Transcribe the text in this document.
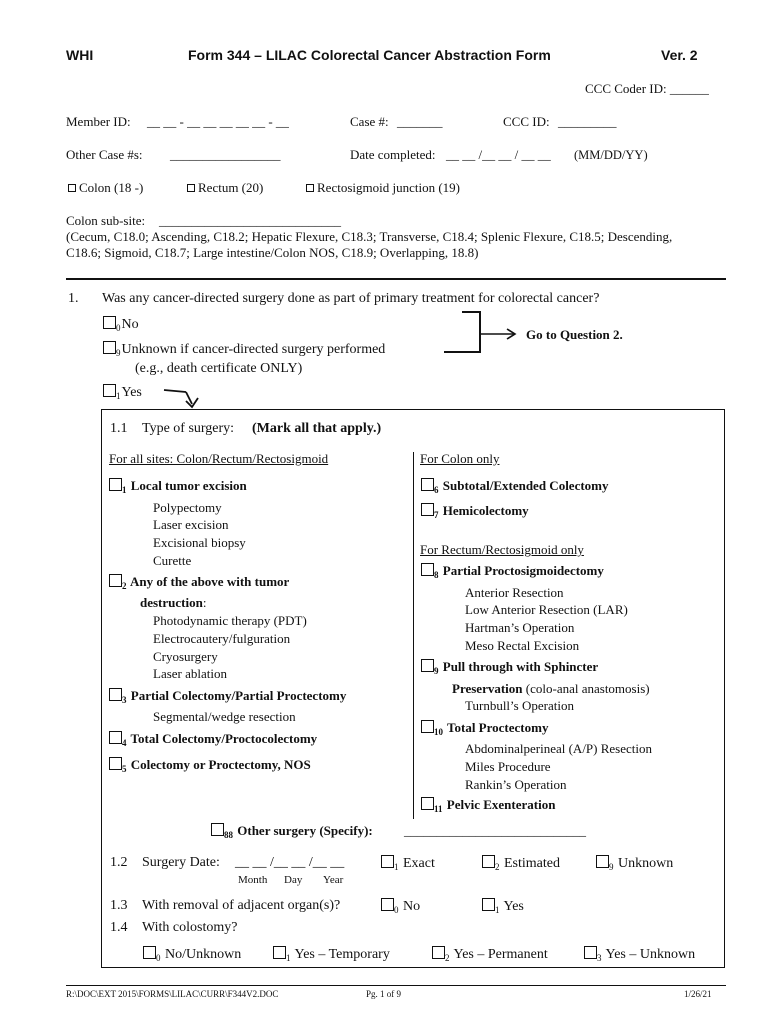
WHI	Form 344 – LILAC Colorectal Cancer Abstraction Form	Ver. 2
CCC Coder ID: ______
Member ID: __ __ - __ __ __ __ __ - __	Case #: _______	CCC ID: _________
Other Case #s: _________________	Date completed: __ __ /__ __ / __ __ (MM/DD/YY)
Colon (18 -)	Rectum (20)	Rectosigmoid junction (19)
Colon sub-site: ____________________________
(Cecum, C18.0; Ascending, C18.2; Hepatic Flexure, C18.3; Transverse, C18.4; Splenic Flexure, C18.5; Descending,
C18.6; Sigmoid, C18.7; Large intestine/Colon NOS, C18.9; Overlapping, 18.8)
1. Was any cancer-directed surgery done as part of primary treatment for colorectal cancer?
$_0$No
$_9$Unknown if cancer-directed surgery performed
(e.g., death certificate ONLY)
$_1$Yes
Go to Question 2.
1.1 Type of surgery: (Mark all that apply.)
For all sites: Colon/Rectum/Rectosigmoid	For Colon only
$_1$ Local tumor excision
Polypectomy
Laser excision
Excisional biopsy
Curette
$_2$ Any of the above with tumor
destruction:
Photodynamic therapy (PDT)
Electrocautery/fulguration
Cryosurgery
Laser ablation
$_3$ Partial Colectomy/Partial Proctectomy
Segmental/wedge resection
$_4$ Total Colectomy/Proctocolectomy
$_5$ Colectomy or Proctectomy, NOS
$_6$ Subtotal/Extended Colectomy
$_7$ Hemicolectomy
For Rectum/Rectosigmoid only
$_8$ Partial Proctosigmoidectomy
Anterior Resection
Low Anterior Resection (LAR)
Hartman’s Operation
Meso Rectal Excision
$_9$ Pull through with Sphincter
Preservation (colo-anal anastomosis)
Turnbull’s Operation
$_{10}$ Total Proctectomy
Abdominalperineal (A/P) Resection
Miles Procedure
Rankin’s Operation
$_{11}$ Pelvic Exenteration
$_{88}$ Other surgery (Specify): ____________________________
1.2 Surgery Date: __ __ /__ __ /__ __
Month Day Year
$_1$ Exact	$_2$ Estimated	$_9$ Unknown
1.3 With removal of adjacent organ(s)?	$_0$ No	$_1$ Yes
1.4 With colostomy?
$_0$ No/Unknown	$_1$ Yes – Temporary	$_2$ Yes – Permanent	$_3$ Yes – Unknown
R:\DOC\EXT 2015\FORMS\LILAC\CURR\F344V2.DOC	Pg. 1 of 9	1/26/21
